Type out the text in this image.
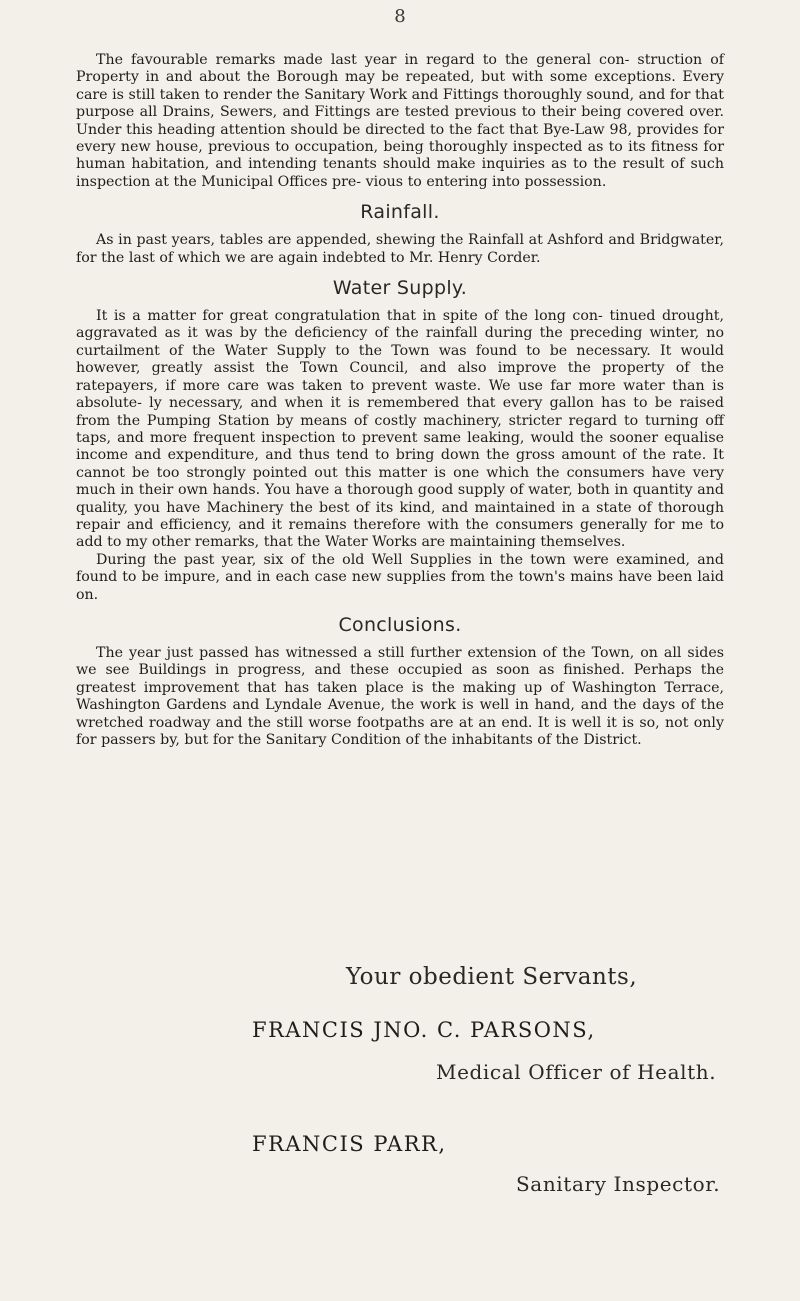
8

The favourable remarks made last year in regard to the general con- struction of Property in and about the Borough may be repeated, but with some exceptions. Every care is still taken to render the Sanitary Work and Fittings thoroughly sound, and for that purpose all Drains, Sewers, and Fittings are tested previous to their being covered over. Under this heading attention should be directed to the fact that Bye-Law 98, provides for every new house, previous to occupation, being thoroughly inspected as to its fitness for human habitation, and intending tenants should make inquiries as to the result of such inspection at the Municipal Offices pre- vious to entering into possession.

Rainfall.

As in past years, tables are appended, shewing the Rainfall at Ashford and Bridgwater, for the last of which we are again indebted to Mr. Henry Corder.

Water Supply.

It is a matter for great congratulation that in spite of the long con- tinued drought, aggravated as it was by the deficiency of the rainfall during the preceding winter, no curtailment of the Water Supply to the Town was found to be necessary. It would however, greatly assist the Town Council, and also improve the property of the ratepayers, if more care was taken to prevent waste. We use far more water than is absolute- ly necessary, and when it is remembered that every gallon has to be raised from the Pumping Station by means of costly machinery, stricter regard to turning off taps, and more frequent inspection to prevent same leaking, would the sooner equalise income and expenditure, and thus tend to bring down the gross amount of the rate. It cannot be too strongly pointed out this matter is one which the consumers have very much in their own hands. You have a thorough good supply of water, both in quantity and quality, you have Machinery the best of its kind, and maintained in a state of thorough repair and efficiency, and it remains therefore with the consumers generally for me to add to my other remarks, that the Water Works are maintaining themselves.

During the past year, six of the old Well Supplies in the town were examined, and found to be impure, and in each case new supplies from the town's mains have been laid on.

Conclusions.

The year just passed has witnessed a still further extension of the Town, on all sides we see Buildings in progress, and these occupied as soon as finished. Perhaps the greatest improvement that has taken place is the making up of Washington Terrace, Washington Gardens and Lyndale Avenue, the work is well in hand, and the days of the wretched roadway and the still worse footpaths are at an end. It is well it is so, not only for passers by, but for the Sanitary Condition of the inhabitants of the District.

Your obedient Servants,
FRANCIS JNO. C. PARSONS,
Medical Officer of Health.
FRANCIS PARR,
Sanitary Inspector.
